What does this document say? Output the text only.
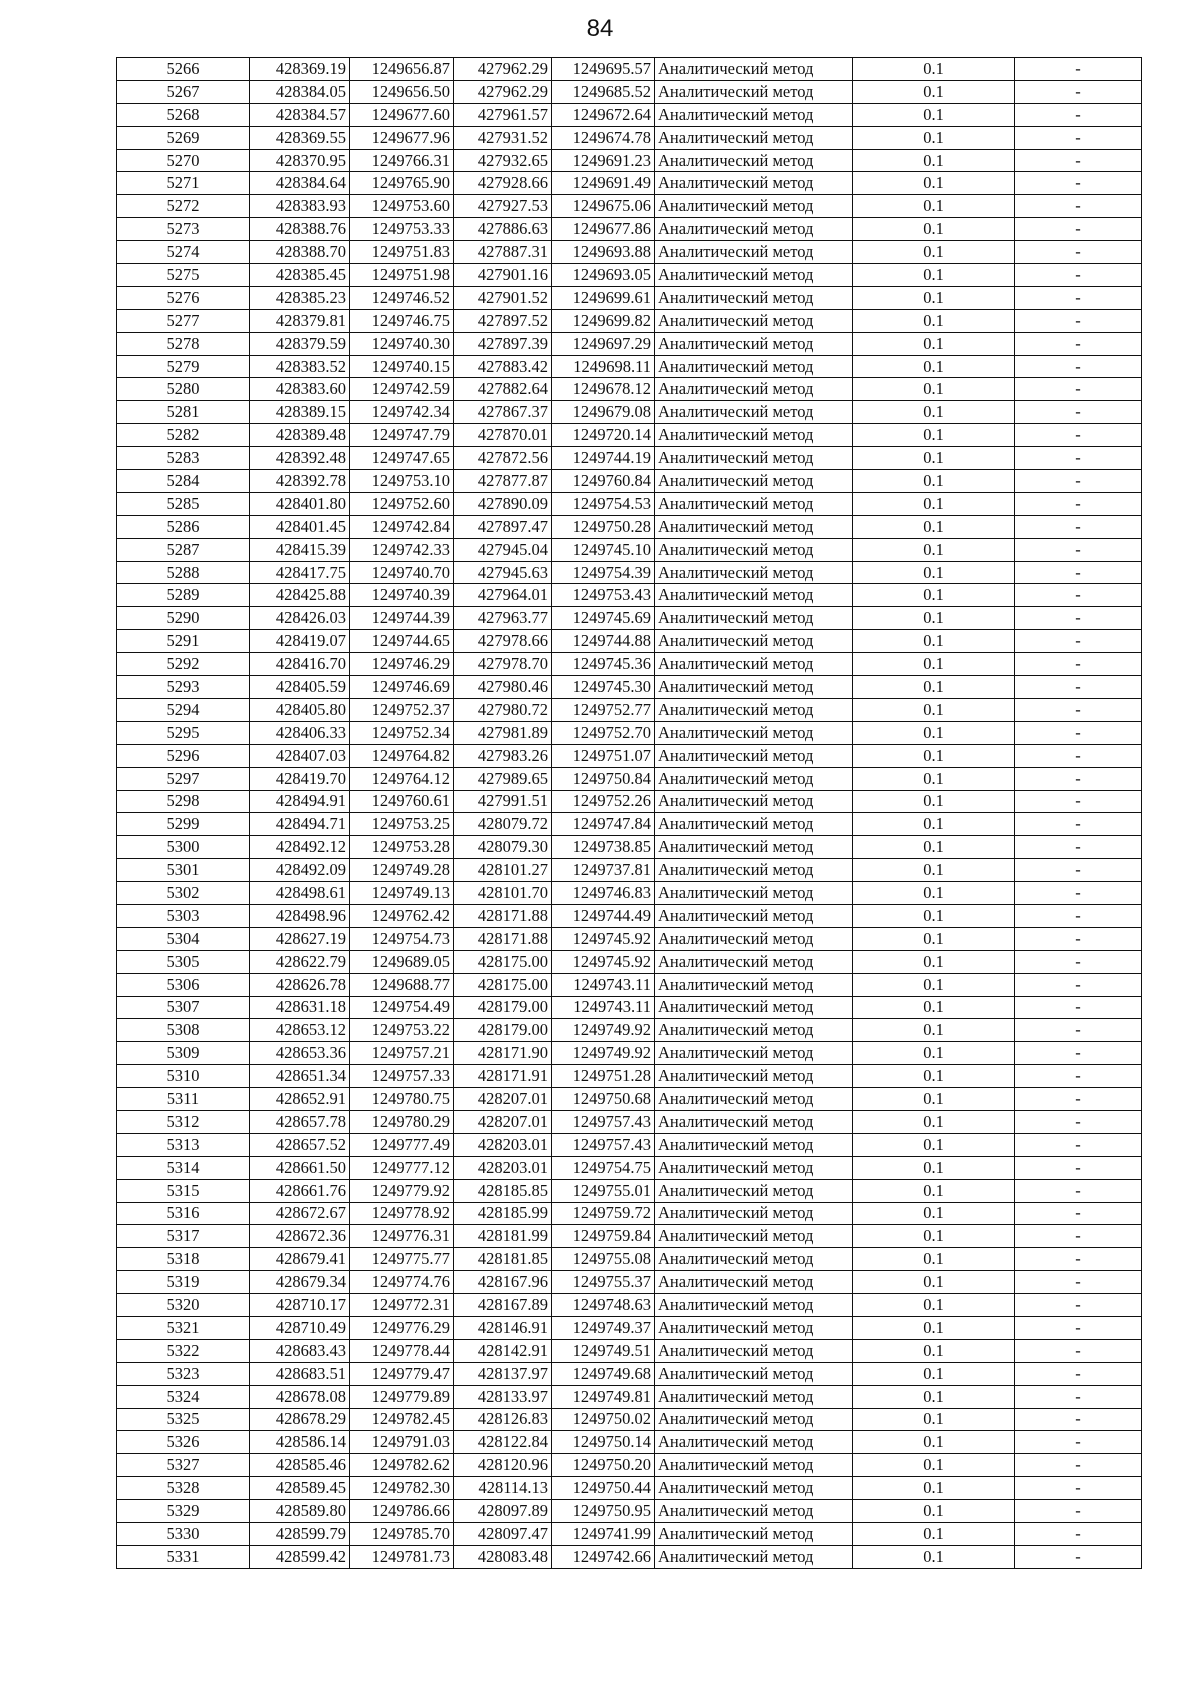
84
5266	428369.19	1249656.87	427962.29	1249695.57	Аналитический метод	0.1	-
5267	428384.05	1249656.50	427962.29	1249685.52	Аналитический метод	0.1	-
5268	428384.57	1249677.60	427961.57	1249672.64	Аналитический метод	0.1	-
5269	428369.55	1249677.96	427931.52	1249674.78	Аналитический метод	0.1	-
5270	428370.95	1249766.31	427932.65	1249691.23	Аналитический метод	0.1	-
5271	428384.64	1249765.90	427928.66	1249691.49	Аналитический метод	0.1	-
5272	428383.93	1249753.60	427927.53	1249675.06	Аналитический метод	0.1	-
5273	428388.76	1249753.33	427886.63	1249677.86	Аналитический метод	0.1	-
5274	428388.70	1249751.83	427887.31	1249693.88	Аналитический метод	0.1	-
5275	428385.45	1249751.98	427901.16	1249693.05	Аналитический метод	0.1	-
5276	428385.23	1249746.52	427901.52	1249699.61	Аналитический метод	0.1	-
5277	428379.81	1249746.75	427897.52	1249699.82	Аналитический метод	0.1	-
5278	428379.59	1249740.30	427897.39	1249697.29	Аналитический метод	0.1	-
5279	428383.52	1249740.15	427883.42	1249698.11	Аналитический метод	0.1	-
5280	428383.60	1249742.59	427882.64	1249678.12	Аналитический метод	0.1	-
5281	428389.15	1249742.34	427867.37	1249679.08	Аналитический метод	0.1	-
5282	428389.48	1249747.79	427870.01	1249720.14	Аналитический метод	0.1	-
5283	428392.48	1249747.65	427872.56	1249744.19	Аналитический метод	0.1	-
5284	428392.78	1249753.10	427877.87	1249760.84	Аналитический метод	0.1	-
5285	428401.80	1249752.60	427890.09	1249754.53	Аналитический метод	0.1	-
5286	428401.45	1249742.84	427897.47	1249750.28	Аналитический метод	0.1	-
5287	428415.39	1249742.33	427945.04	1249745.10	Аналитический метод	0.1	-
5288	428417.75	1249740.70	427945.63	1249754.39	Аналитический метод	0.1	-
5289	428425.88	1249740.39	427964.01	1249753.43	Аналитический метод	0.1	-
5290	428426.03	1249744.39	427963.77	1249745.69	Аналитический метод	0.1	-
5291	428419.07	1249744.65	427978.66	1249744.88	Аналитический метод	0.1	-
5292	428416.70	1249746.29	427978.70	1249745.36	Аналитический метод	0.1	-
5293	428405.59	1249746.69	427980.46	1249745.30	Аналитический метод	0.1	-
5294	428405.80	1249752.37	427980.72	1249752.77	Аналитический метод	0.1	-
5295	428406.33	1249752.34	427981.89	1249752.70	Аналитический метод	0.1	-
5296	428407.03	1249764.82	427983.26	1249751.07	Аналитический метод	0.1	-
5297	428419.70	1249764.12	427989.65	1249750.84	Аналитический метод	0.1	-
5298	428494.91	1249760.61	427991.51	1249752.26	Аналитический метод	0.1	-
5299	428494.71	1249753.25	428079.72	1249747.84	Аналитический метод	0.1	-
5300	428492.12	1249753.28	428079.30	1249738.85	Аналитический метод	0.1	-
5301	428492.09	1249749.28	428101.27	1249737.81	Аналитический метод	0.1	-
5302	428498.61	1249749.13	428101.70	1249746.83	Аналитический метод	0.1	-
5303	428498.96	1249762.42	428171.88	1249744.49	Аналитический метод	0.1	-
5304	428627.19	1249754.73	428171.88	1249745.92	Аналитический метод	0.1	-
5305	428622.79	1249689.05	428175.00	1249745.92	Аналитический метод	0.1	-
5306	428626.78	1249688.77	428175.00	1249743.11	Аналитический метод	0.1	-
5307	428631.18	1249754.49	428179.00	1249743.11	Аналитический метод	0.1	-
5308	428653.12	1249753.22	428179.00	1249749.92	Аналитический метод	0.1	-
5309	428653.36	1249757.21	428171.90	1249749.92	Аналитический метод	0.1	-
5310	428651.34	1249757.33	428171.91	1249751.28	Аналитический метод	0.1	-
5311	428652.91	1249780.75	428207.01	1249750.68	Аналитический метод	0.1	-
5312	428657.78	1249780.29	428207.01	1249757.43	Аналитический метод	0.1	-
5313	428657.52	1249777.49	428203.01	1249757.43	Аналитический метод	0.1	-
5314	428661.50	1249777.12	428203.01	1249754.75	Аналитический метод	0.1	-
5315	428661.76	1249779.92	428185.85	1249755.01	Аналитический метод	0.1	-
5316	428672.67	1249778.92	428185.99	1249759.72	Аналитический метод	0.1	-
5317	428672.36	1249776.31	428181.99	1249759.84	Аналитический метод	0.1	-
5318	428679.41	1249775.77	428181.85	1249755.08	Аналитический метод	0.1	-
5319	428679.34	1249774.76	428167.96	1249755.37	Аналитический метод	0.1	-
5320	428710.17	1249772.31	428167.89	1249748.63	Аналитический метод	0.1	-
5321	428710.49	1249776.29	428146.91	1249749.37	Аналитический метод	0.1	-
5322	428683.43	1249778.44	428142.91	1249749.51	Аналитический метод	0.1	-
5323	428683.51	1249779.47	428137.97	1249749.68	Аналитический метод	0.1	-
5324	428678.08	1249779.89	428133.97	1249749.81	Аналитический метод	0.1	-
5325	428678.29	1249782.45	428126.83	1249750.02	Аналитический метод	0.1	-
5326	428586.14	1249791.03	428122.84	1249750.14	Аналитический метод	0.1	-
5327	428585.46	1249782.62	428120.96	1249750.20	Аналитический метод	0.1	-
5328	428589.45	1249782.30	428114.13	1249750.44	Аналитический метод	0.1	-
5329	428589.80	1249786.66	428097.89	1249750.95	Аналитический метод	0.1	-
5330	428599.79	1249785.70	428097.47	1249741.99	Аналитический метод	0.1	-
5331	428599.42	1249781.73	428083.48	1249742.66	Аналитический метод	0.1	-
